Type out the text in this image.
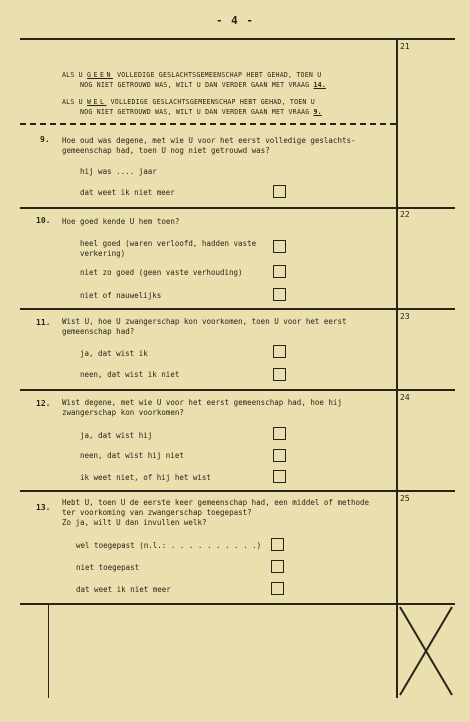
- 4 -
21
22
23
24
25
ALS U GEEN VOLLEDIGE GESLACHTSGEMEENSCHAP HEBT GEHAD, TOEN U
NOG NIET GETROUWD WAS, WILT U DAN VERDER GAAN MET VRAAG 14.
ALS U WEL VOLLEDIGE GESLACHTSGEMEENSCHAP HEBT GEHAD, TOEN U
NOG NIET GETROUWD WAS, WILT U DAN VERDER GAAN MET VRAAG 9.
9. Hoe oud was degene, met wie U voor het eerst volledige geslachts-
gemeenschap had, toen U nog niet getrouwd was?
hij was .... jaar
dat weet ik niet meer
10. Hoe goed kende U hem toen?
heel goed (waren verloofd, hadden vaste
verkering)
niet zo goed (geen vaste verhouding)
niet of nauwelijks
11. Wist U, hoe U zwangerschap kon voorkomen, toen U voor het eerst
gemeenschap had?
ja, dat wist ik
neen, dat wist ik niet
12. Wist degene, met wie U voor het eerst gemeenschap had, hoe hij
zwangerschap kon voorkomen?
ja, dat wist hij
neen, dat wist hij niet
ik weet niet, of hij het wist
13.
Hebt U, toen U de eerste keer gemeenschap had, een middel of methode
ter voorkoming van zwangerschap toegepast?
Zo ja, wilt U dan invullen welk?
wel toegepast (n.l.: . . . . . . . . . .)
niet toegepast
dat weet ik niet meer
